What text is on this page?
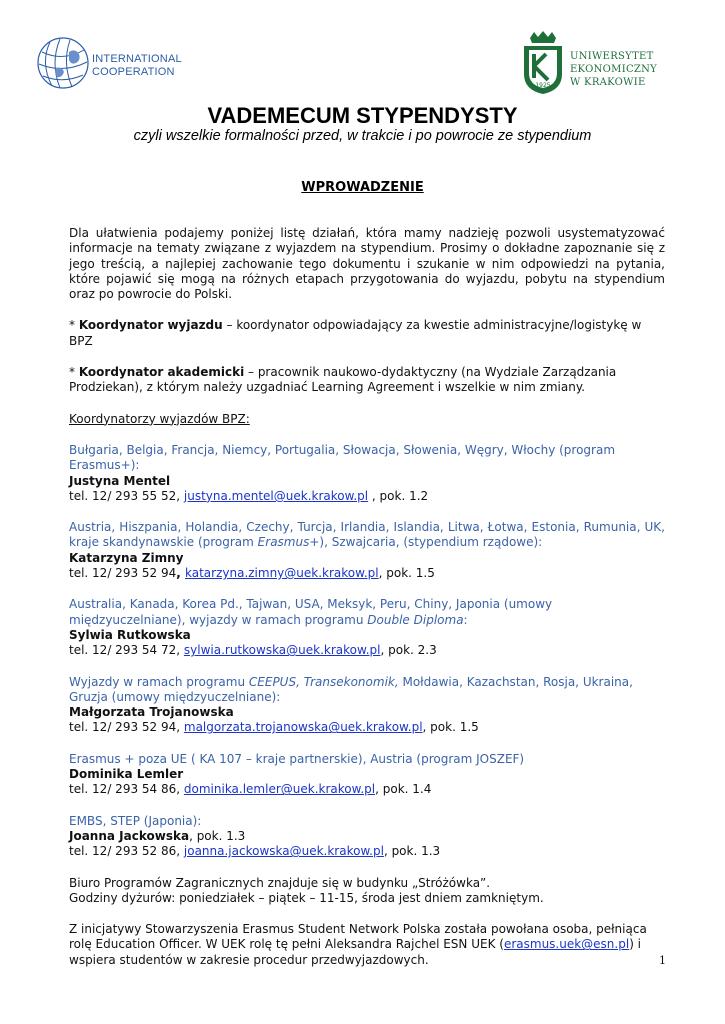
INTERNATIONAL
COOPERATION
1925
UNIWERSYTET
EKONOMICZNY
W KRAKOWIE
VADEMECUM STYPENDYSTY
czyli wszelkie formalności przed, w trakcie i po powrocie ze stypendium
WPROWADZENIE

Dla ułatwienia podajemy poniżej listę działań, która mamy nadzieję pozwoli usystematyzować informacje na tematy związane z wyjazdem na stypendium. Prosimy o dokładne zapoznanie się z jego treścią, a najlepiej zachowanie tego dokumentu i szukanie w nim odpowiedzi na pytania, które pojawić się mogą na różnych etapach przygotowania do wyjazdu, pobytu na stypendium oraz po powrocie do Polski.

* Koordynator wyjazdu – koordynator odpowiadający za kwestie administracyjne/logistykę w BPZ

* Koordynator akademicki – pracownik naukowo-dydaktyczny (na Wydziale Zarządzania Prodziekan), z którym należy uzgadniać Learning Agreement i wszelkie w nim zmiany.

Koordynatorzy wyjazdów BPZ:

Bułgaria, Belgia, Francja, Niemcy, Portugalia, Słowacja, Słowenia, Węgry, Włochy (program Erasmus+):

Justyna Mentel

tel. 12/ 293 55 52, justyna.mentel@uek.krakow.pl , pok. 1.2

Austria, Hiszpania, Holandia, Czechy, Turcja, Irlandia, Islandia, Litwa, Łotwa, Estonia, Rumunia, UK, kraje skandynawskie (program Erasmus+), Szwajcaria, (stypendium rządowe):

Katarzyna Zimny

tel. 12/ 293 52 94, katarzyna.zimny@uek.krakow.pl, pok. 1.5

Australia, Kanada, Korea Pd., Tajwan, USA, Meksyk, Peru, Chiny, Japonia (umowy międzyuczelniane), wyjazdy w ramach programu Double Diploma:

Sylwia Rutkowska

tel. 12/ 293 54 72, sylwia.rutkowska@uek.krakow.pl, pok. 2.3

Wyjazdy w ramach programu CEEPUS, Transekonomik, Mołdawia, Kazachstan, Rosja, Ukraina, Gruzja (umowy międzyuczelniane):

Małgorzata Trojanowska

tel. 12/ 293 52 94, malgorzata.trojanowska@uek.krakow.pl, pok. 1.5

Erasmus + poza UE ( KA 107 – kraje partnerskie), Austria (program JOSZEF)

Dominika Lemler

tel. 12/ 293 54 86, dominika.lemler@uek.krakow.pl, pok. 1.4

EMBS, STEP (Japonia):

Joanna Jackowska, pok. 1.3

tel. 12/ 293 52 86, joanna.jackowska@uek.krakow.pl, pok. 1.3

Biuro Programów Zagranicznych znajduje się w budynku „Stróżówka”.

Godziny dyżurów: poniedziałek – piątek – 11-15, środa jest dniem zamkniętym.

Z inicjatywy Stowarzyszenia Erasmus Student Network Polska została powołana osoba, pełniąca rolę Education Officer. W UEK rolę tę pełni Aleksandra Rajchel ESN UEK (erasmus.uek@esn.pl) i wspiera studentów w zakresie procedur przedwyjazdowych.	1
